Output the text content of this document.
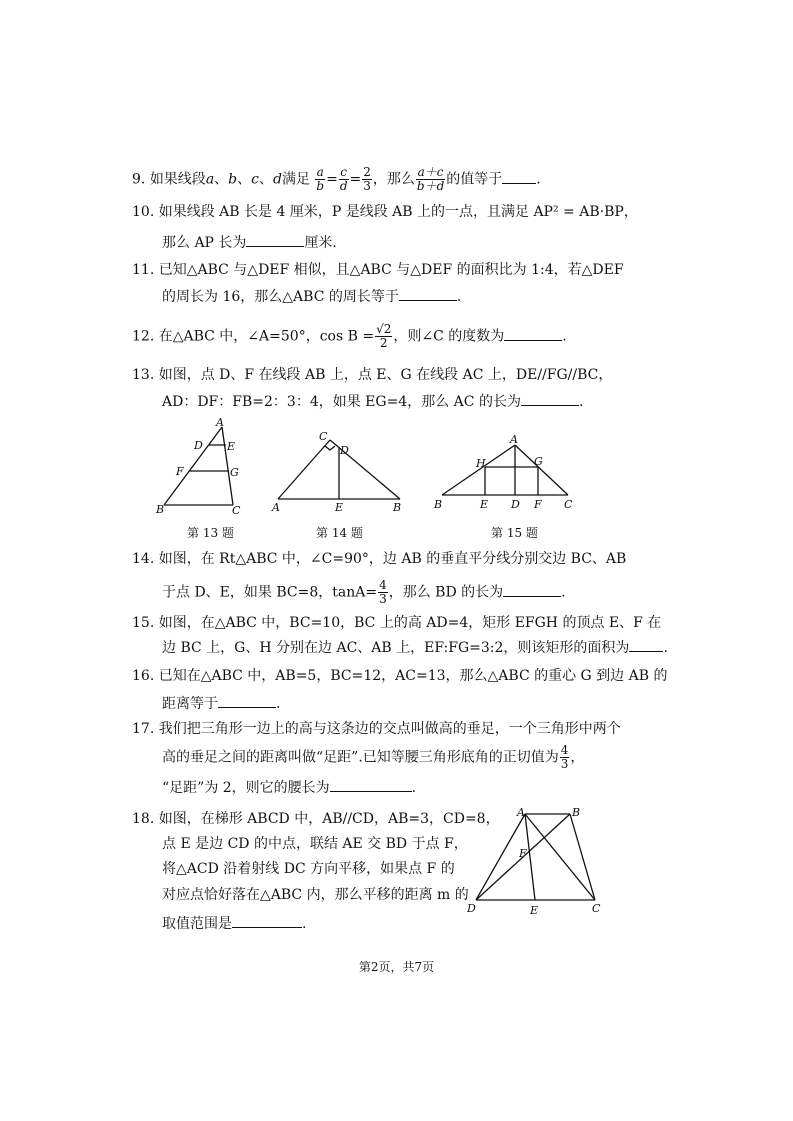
9. 如果线段a、b、c、d满足 $\frac{a}{b} = \frac{c}{d} = \frac{2}{3}$ ，那么 $\frac{a+c}{b+d}$ 的值等于 .
10. 如果线段 AB 长是 4 厘米，P 是线段 AB 上的一点，且满足 AP² = AB·BP，
那么 AP 长为	厘米.
11. 已知△ABC 与△DEF 相似，且△ABC 与△DEF 的面积比为 1:4，若△DEF
的周长为 16，那么△ABC 的周长等于	.
12. 在△ABC 中，∠A=50°，$\cos B = \frac{√2}{2}$ ，则∠C 的度数为	.
13. 如图，点 D、F 在线段 AB 上，点 E、G 在线段 AC 上，DE//FG//BC，
AD：DF：FB=2：3：4，如果 EG=4，那么 AC 的长为	.
A
B	C
D E
F	G
第 13 题
C
D
A	E	B
第 14 题
A
H	G
B	E D F C
第 15 题
14. 如图，在 Rt△ABC 中，∠C=90°，边 AB 的垂直平分线分别交边 BC、AB
于点 D、E，如果 BC=8，$\tan A= \frac{4}{3}$ ，那么 BD 的长为	.
15. 如图，在△ABC 中，BC=10，BC 上的高 AD=4，矩形 EFGH 的顶点 E、F 在
边 BC 上，G、H 分别在边 AC、AB 上，EF:FG=3:2，则该矩形的面积为 .
16. 已知在△ABC 中，AB=5，BC=12，AC=13，那么△ABC 的重心 G 到边 AB 的
距离等于	.
17. 我们把三角形一边上的高与这条边的交点叫做高的垂足，一个三角形中两个
高的垂足之间的距离叫做“足距”.已知等腰三角形底角的正切值为 $\frac{4}{3}$ ，
“足距”为 2，则它的腰长为	.
18. 如图，在梯形 ABCD 中，AB//CD，AB=3，CD=8，
点 E 是边 CD 的中点，联结 AE 交 BD 于点 F，
将△ACD 沿着射线 DC 方向平移，如果点 F 的
对应点恰好落在△ABC 内，那么平移的距离 m 的
取值范围是	.
A	B
F
D	E	C
第2页，共7页
